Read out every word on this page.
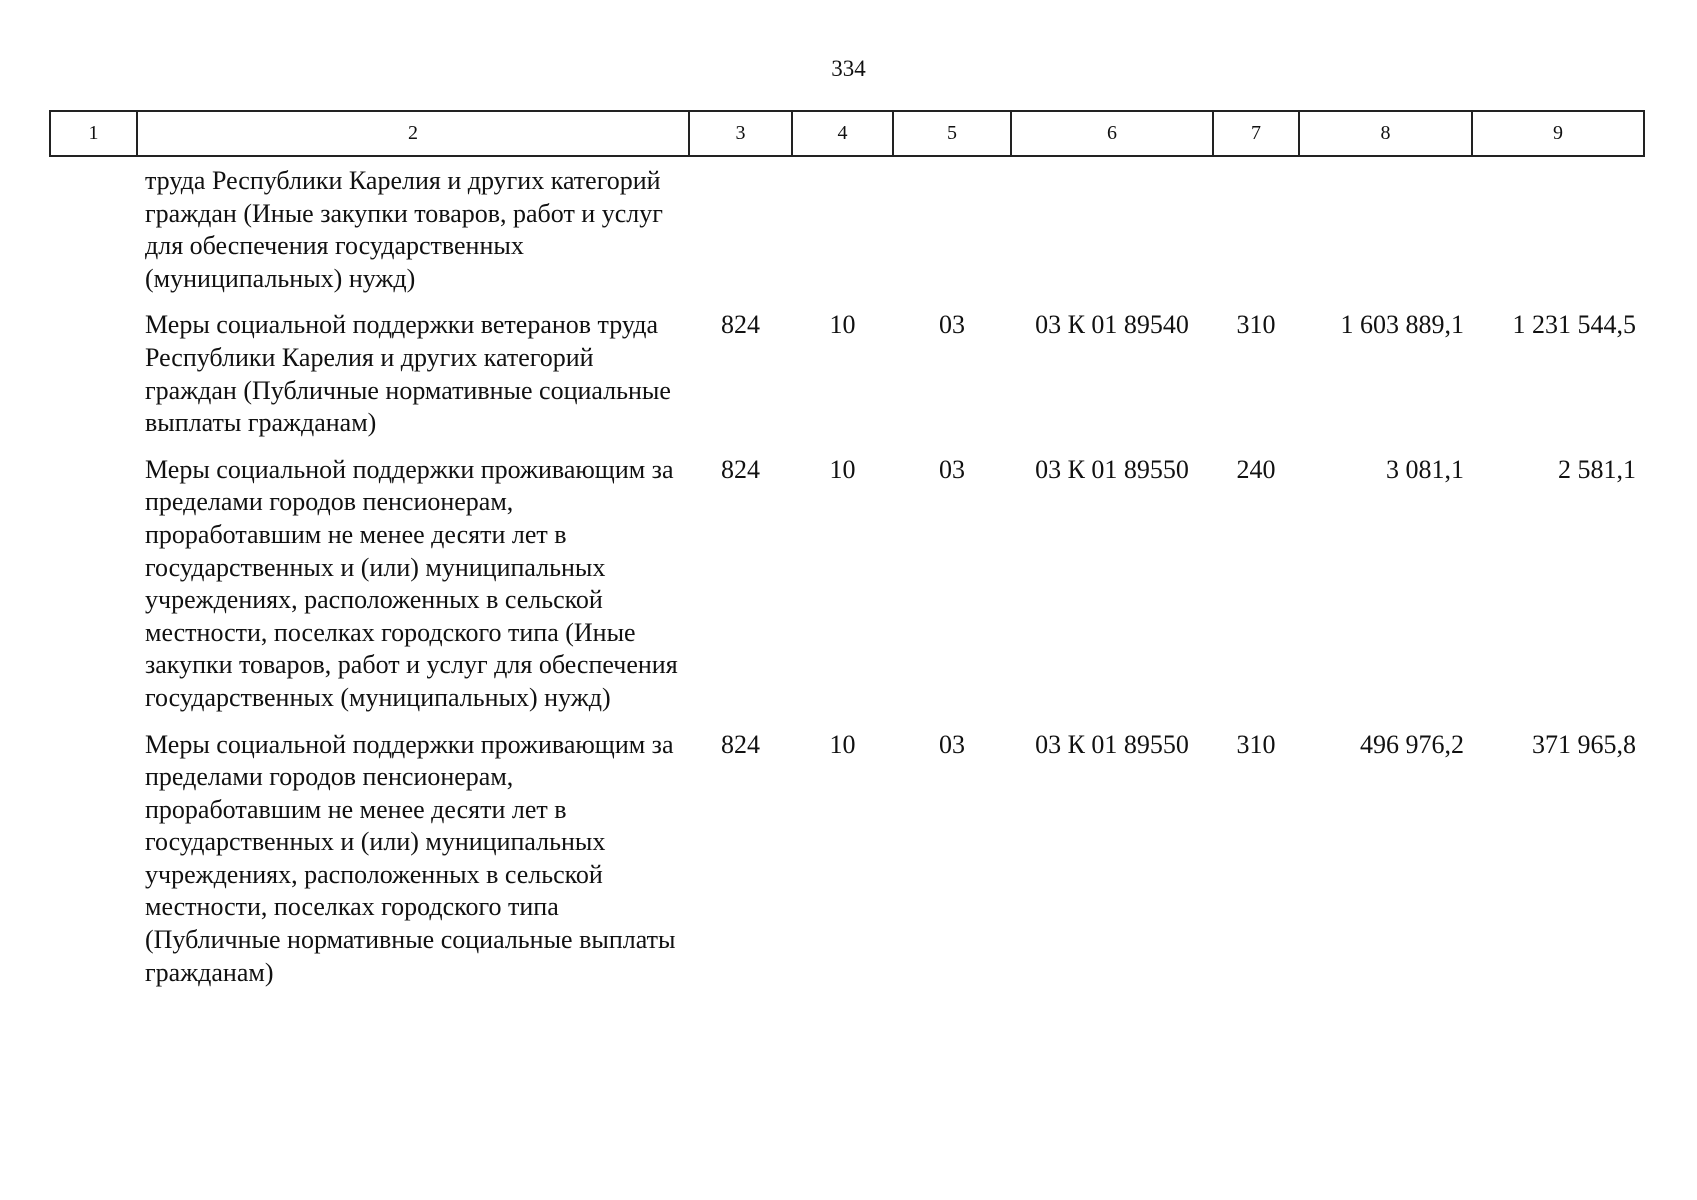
334
1	2	3	4	5	6	7	8	9
	труда Республики Карелия и других категорий граждан (Иные закупки товаров, работ и услуг для обеспечения государственных (муниципальных) нужд)							
	Меры социальной поддержки ветеранов труда Республики Карелия и других категорий граждан (Публичные нормативные социальные выплаты гражданам)	824	10	03	03 К 01 89540	310	1 603 889,1	1 231 544,5
	Меры социальной поддержки проживающим за пределами городов пенсионерам, проработавшим не менее десяти лет в государственных и (или) муниципальных учреждениях, расположенных в сельской местности, поселках городского типа (Иные закупки товаров, работ и услуг для обеспечения государственных (муниципальных) нужд)	824	10	03	03 К 01 89550	240	3 081,1	2 581,1
	Меры социальной поддержки проживающим за пределами городов пенсионерам, проработавшим не менее десяти лет в государственных и (или) муниципальных учреждениях, расположенных в сельской местности, поселках городского типа (Публичные нормативные социальные выплаты гражданам)	824	10	03	03 К 01 89550	310	496 976,2	371 965,8
